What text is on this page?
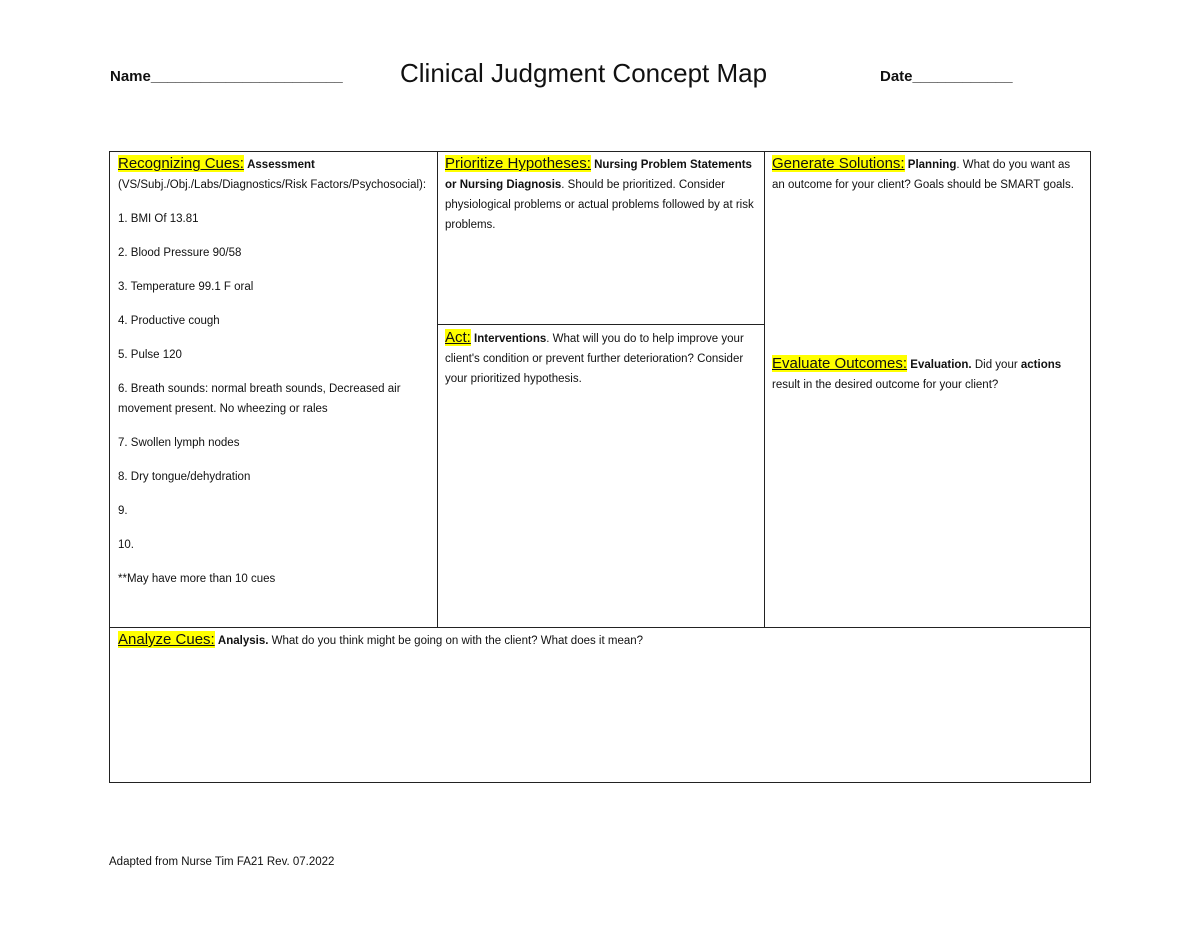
Name_______________________ Clinical Judgment Concept Map	Date____________
Recognizing Cues: Assessment
(VS/Subj./Obj./Labs/Diagnostics/Risk Factors/Psychosocial):
1. BMI Of 13.81
2. Blood Pressure 90/58
3. Temperature 99.1 F oral
4. Productive cough
5. Pulse 120
6. Breath sounds: normal breath sounds, Decreased air movement present. No wheezing or rales
7. Swollen lymph nodes
8. Dry tongue/dehydration
9.
10.
**May have more than 10 cues
Prioritize Hypotheses: Nursing Problem Statements or Nursing Diagnosis. Should be prioritized. Consider physiological problems or actual problems followed by at risk problems.
Act: Interventions. What will you do to help improve your client's condition or prevent further deterioration? Consider your prioritized hypothesis.
Generate Solutions: Planning. What do you want as an outcome for your client? Goals should be SMART goals.
Evaluate Outcomes: Evaluation. Did your actions result in the desired outcome for your client?
Analyze Cues: Analysis. What do you think might be going on with the client? What does it mean?
Adapted from Nurse Tim FA21 Rev. 07.2022
